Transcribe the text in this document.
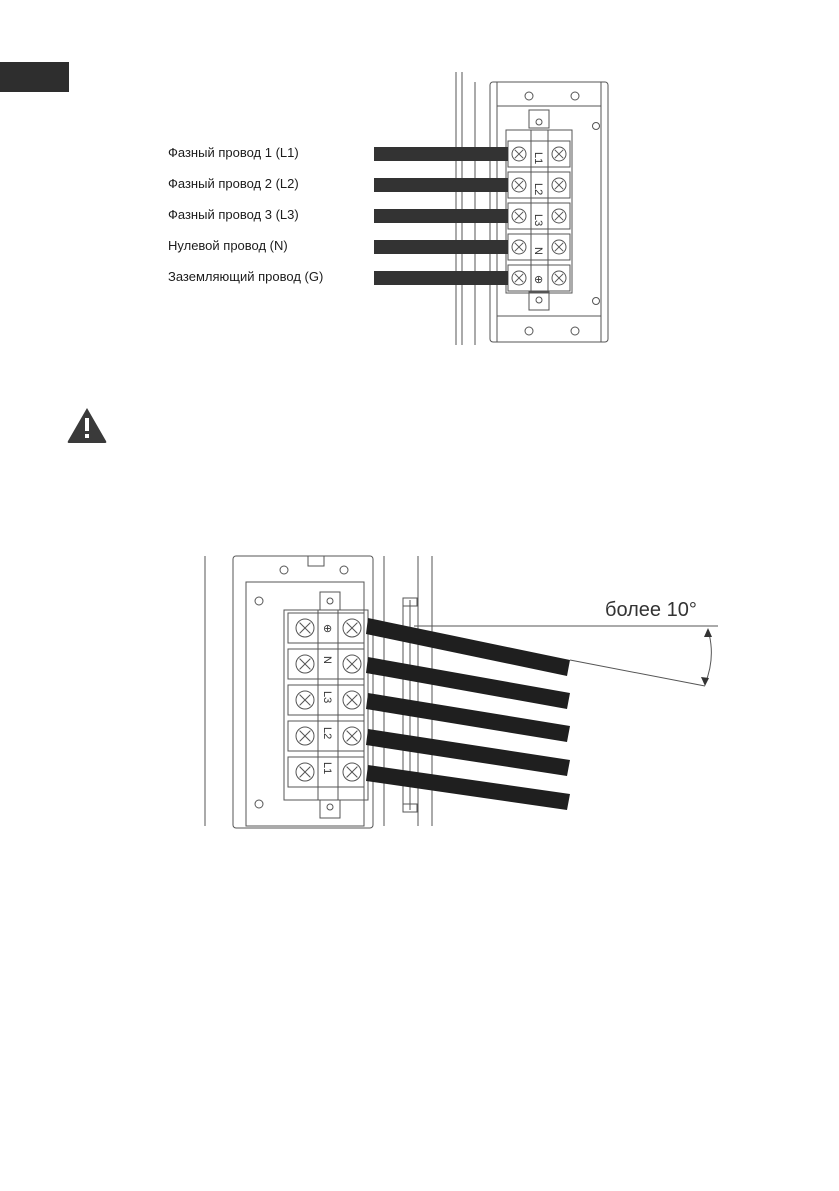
Фазный провод 1 (L1)
Фазный провод 2 (L2)
Фазный провод 3 (L3)
Нулевой провод (N)
Заземляющий провод (G)
L1
L2
L3
N
⊕
более 10°
⊕
N
L3
L2
L1
